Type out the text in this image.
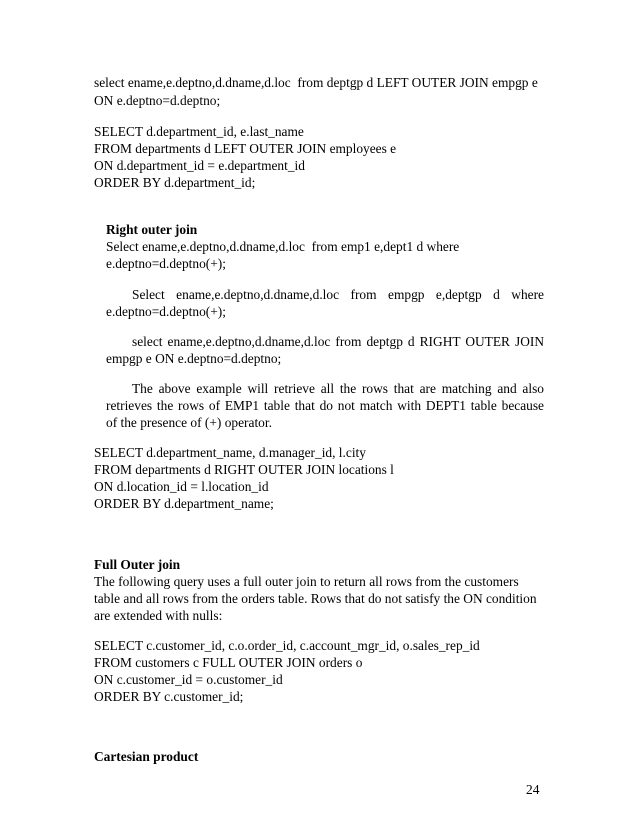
select ename,e.deptno,d.dname,d.loc  from deptgp d LEFT OUTER JOIN empgp e
ON e.deptno=d.deptno;
SELECT d.department_id, e.last_name
FROM departments d LEFT OUTER JOIN employees e
ON d.department_id = e.department_id
ORDER BY d.department_id;
Right outer join
Select ename,e.deptno,d.dname,d.loc  from emp1 e,dept1 d where
e.deptno=d.deptno(+);
Select ename,e.deptno,d.dname,d.loc from empgp e,deptgp d where
e.deptno=d.deptno(+);
select ename,e.deptno,d.dname,d.loc from deptgp d RIGHT OUTER JOIN
empgp e ON e.deptno=d.deptno;
The above example will retrieve all the rows that are matching and also
retrieves the rows of EMP1 table that do not match with DEPT1 table because
of the presence of (+) operator.
SELECT d.department_name, d.manager_id, l.city
FROM departments d RIGHT OUTER JOIN locations l
ON d.location_id = l.location_id
ORDER BY d.department_name;
Full Outer join
The following query uses a full outer join to return all rows from the customers
table and all rows from the orders table. Rows that do not satisfy the ON condition
are extended with nulls:
SELECT c.customer_id, c.o.order_id, c.account_mgr_id, o.sales_rep_id
FROM customers c FULL OUTER JOIN orders o
ON c.customer_id = o.customer_id
ORDER BY c.customer_id;
Cartesian product
24
